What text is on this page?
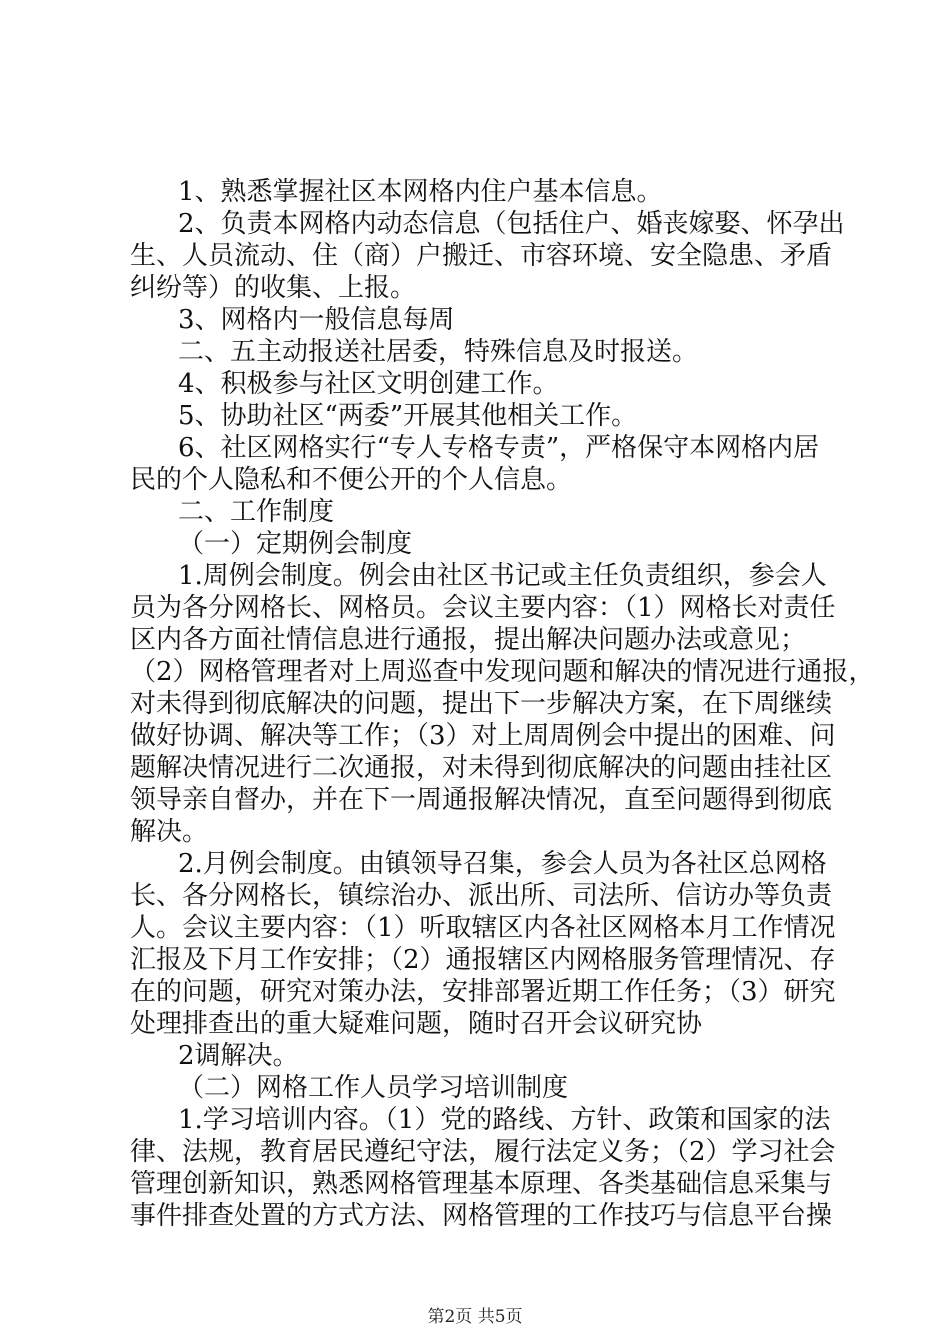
1、熟悉掌握社区本网格内住户基本信息。
2、负责本网格内动态信息（包括住户、婚丧嫁娶、怀孕出
生、人员流动、住（商）户搬迁、市容环境、安全隐患、矛盾
纠纷等）的收集、上报。
3、网格内一般信息每周
二、五主动报送社居委，特殊信息及时报送。
4、积极参与社区文明创建工作。
5、协助社区“两委”开展其他相关工作。
6、社区网格实行“专人专格专责”，严格保守本网格内居
民的个人隐私和不便公开的个人信息。
二、工作制度
（一）定期例会制度
1.周例会制度。例会由社区书记或主任负责组织，参会人
员为各分网格长、网格员。会议主要内容：（1）网格长对责任
区内各方面社情信息进行通报，提出解决问题办法或意见；
（2）网格管理者对上周巡查中发现问题和解决的情况进行通报，
对未得到彻底解决的问题，提出下一步解决方案，在下周继续
做好协调、解决等工作；（3）对上周周例会中提出的困难、问
题解决情况进行二次通报，对未得到彻底解决的问题由挂社区
领导亲自督办，并在下一周通报解决情况，直至问题得到彻底
解决。
2.月例会制度。由镇领导召集，参会人员为各社区总网格
长、各分网格长，镇综治办、派出所、司法所、信访办等负责
人。会议主要内容：（1）听取辖区内各社区网格本月工作情况
汇报及下月工作安排；（2）通报辖区内网格服务管理情况、存
在的问题，研究对策办法，安排部署近期工作任务；（3）研究
处理排查出的重大疑难问题，随时召开会议研究协
2调解决。
（二）网格工作人员学习培训制度
1.学习培训内容。（1）党的路线、方针、政策和国家的法
律、法规，教育居民遵纪守法，履行法定义务；（2）学习社会
管理创新知识，熟悉网格管理基本原理、各类基础信息采集与
事件排查处置的方式方法、网格管理的工作技巧与信息平台操
第2页 共5页
